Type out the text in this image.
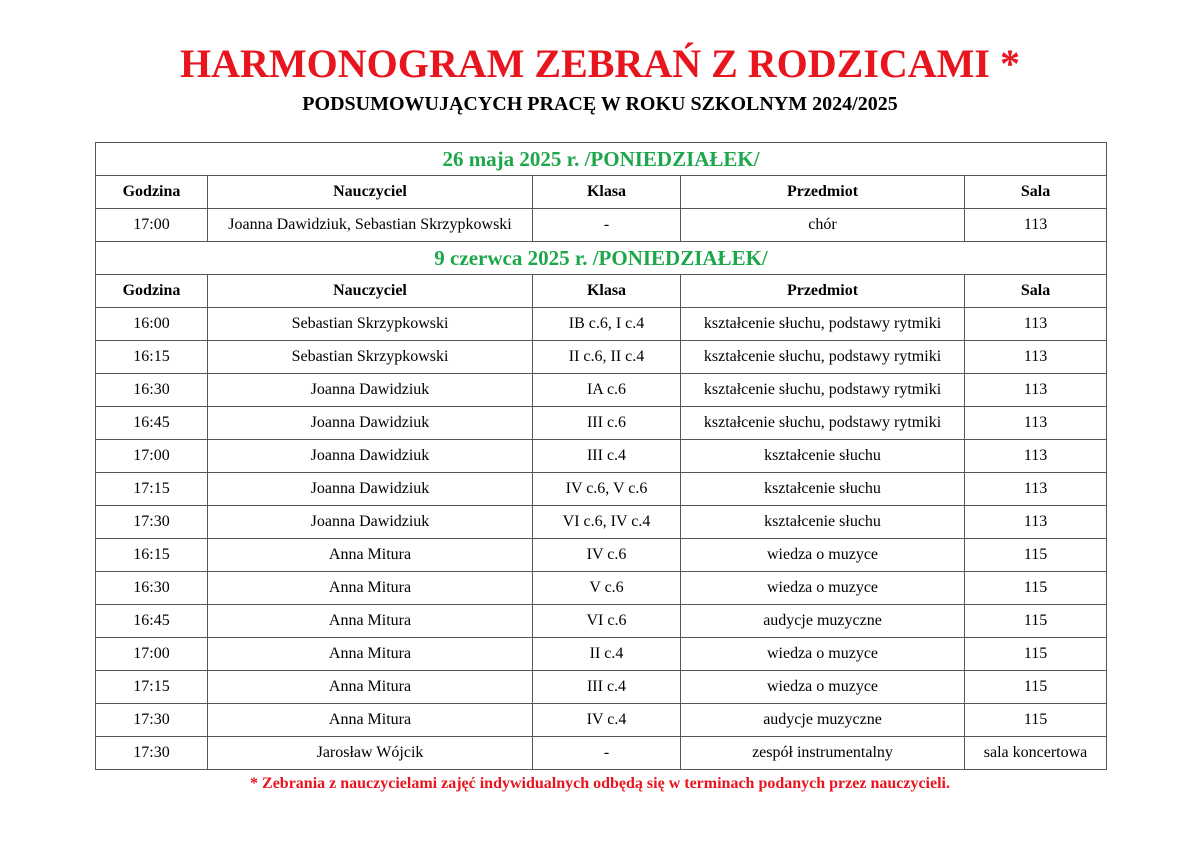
HARMONOGRAM ZEBRAŃ Z RODZICAMI *
PODSUMOWUJĄCYCH PRACĘ W ROKU SZKOLNYM 2024/2025
26 maja 2025 r. /PONIEDZIAŁEK/				
Godzina	Nauczyciel	Klasa	Przedmiot	Sala
17:00	Joanna Dawidziuk, Sebastian Skrzypkowski	-	chór	113
9 czerwca 2025 r. /PONIEDZIAŁEK/				
Godzina	Nauczyciel	Klasa	Przedmiot	Sala
16:00	Sebastian Skrzypkowski	IB c.6, I c.4	kształcenie słuchu, podstawy rytmiki	113
16:15	Sebastian Skrzypkowski	II c.6, II c.4	kształcenie słuchu, podstawy rytmiki	113
16:30	Joanna Dawidziuk	IA c.6	kształcenie słuchu, podstawy rytmiki	113
16:45	Joanna Dawidziuk	III c.6	kształcenie słuchu, podstawy rytmiki	113
17:00	Joanna Dawidziuk	III c.4	kształcenie słuchu	113
17:15	Joanna Dawidziuk	IV c.6, V c.6	kształcenie słuchu	113
17:30	Joanna Dawidziuk	VI c.6, IV c.4	kształcenie słuchu	113
16:15	Anna Mitura	IV c.6	wiedza o muzyce	115
16:30	Anna Mitura	V c.6	wiedza o muzyce	115
16:45	Anna Mitura	VI c.6	audycje muzyczne	115
17:00	Anna Mitura	II c.4	wiedza o muzyce	115
17:15	Anna Mitura	III c.4	wiedza o muzyce	115
17:30	Anna Mitura	IV c.4	audycje muzyczne	115
17:30	Jarosław Wójcik	-	zespół instrumentalny	sala koncertowa
* Zebrania z nauczycielami zajęć indywidualnych odbędą się w terminach podanych przez nauczycieli.
